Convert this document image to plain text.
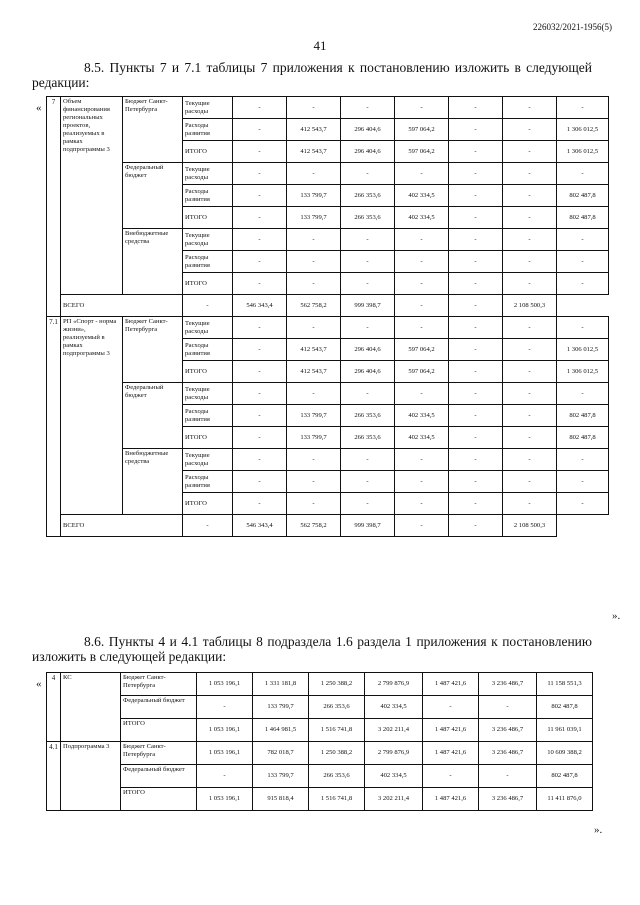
226032/2021-1956(5)
41
8.5. Пункты 7 и 7.1 таблицы 7 приложения к постановлению изложить в следующей редакции:
« 7	Объем финансирования региональных проектов, реализуемых в рамках подпрограммы 3	Бюджет Санкт-Петербурга	Текущие расходы	-	-	-	-	-	-	-
			Расходы развития	-	412 543,7	296 404,6	597 064,2	-	-	1 306 012,5
			ИТОГО	-	412 543,7	296 404,6	597 064,2	-	-	1 306 012,5
		Федеральный бюджет	Текущие расходы	-	-	-	-	-	-	-
			Расходы развития	-	133 799,7	266 353,6	402 334,5	-	-	802 487,8
			ИТОГО	-	133 799,7	266 353,6	402 334,5	-	-	802 487,8
		Внебюджетные средства	Текущие расходы	-	-	-	-	-	-	-
			Расходы развития	-	-	-	-	-	-	-
			ИТОГО	-	-	-	-	-	-	-
	ВСЕГО		-	546 343,4	562 758,2	999 398,7	-	-	2 108 500,3	
7.1	РП «Спорт - норма жизни», реализуемый в рамках подпрограммы 3	Бюджет Санкт-Петербурга	Текущие расходы	-	-	-	-	-	-	-
			Расходы развития	-	412 543,7	296 404,6	597 064,2	-	-	1 306 012,5
			ИТОГО	-	412 543,7	296 404,6	597 064,2	-	-	1 306 012,5
		Федеральный бюджет	Текущие расходы	-	-	-	-	-	-	-
			Расходы развития	-	133 799,7	266 353,6	402 334,5	-	-	802 487,8
			ИТОГО	-	133 799,7	266 353,6	402 334,5	-	-	802 487,8
		Внебюджетные средства	Текущие расходы	-	-	-	-	-	-	-
			Расходы развития	-	-	-	-	-	-	-
			ИТОГО	-	-	-	-	-	-	-
	ВСЕГО		-	546 343,4	562 758,2	999 398,7	-	-	2 108 500,3	
».
8.6. Пункты 4 и 4.1 таблицы 8 подраздела 1.6 раздела 1 приложения к постановлению изложить в следующей редакции:
« 4	КС	Бюджет Санкт-Петербурга	1 053 196,1	1 331 181,8	1 250 388,2	2 799 876,9	1 487 421,6	3 236 486,7	11 158 551,3
		Федеральный бюджет	-	133 799,7	266 353,6	402 334,5	-	-	802 487,8
		ИТОГО	1 053 196,1	1 464 981,5	1 516 741,8	3 202 211,4	1 487 421,6	3 236 486,7	11 961 039,1
4.1	Подпрограмма 3	Бюджет Санкт-Петербурга	1 053 196,1	782 018,7	1 250 388,2	2 799 876,9	1 487 421,6	3 236 486,7	10 609 388,2
		Федеральный бюджет	-	133 799,7	266 353,6	402 334,5	-	-	802 487,8
		ИТОГО	1 053 196,1	915 818,4	1 516 741,8	3 202 211,4	1 487 421,6	3 236 486,7	11 411 876,0
».
